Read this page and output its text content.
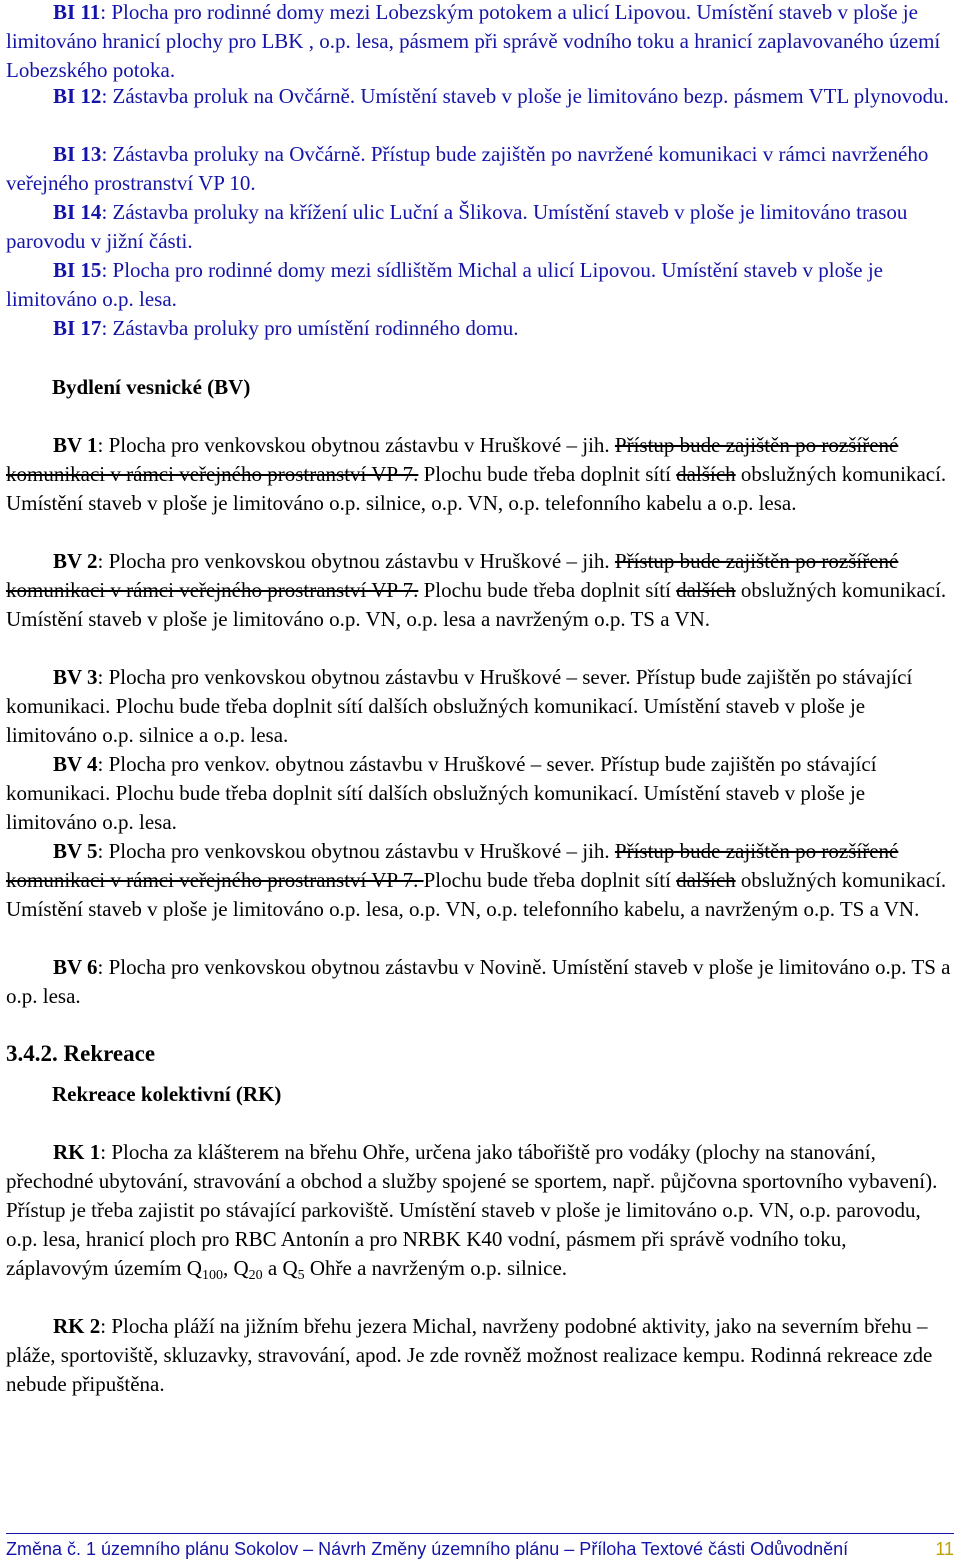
BI 11: Plocha pro rodinné domy mezi Lobezským potokem a ulicí Lipovou. Umístění staveb v ploše je limitováno hranicí plochy pro LBK , o.p. lesa, pásmem při správě vodního toku a hranicí zaplavovaného území Lobezského potoka.

BI 12: Zástavba proluk na Ovčárně. Umístění staveb v ploše je limitováno bezp. pásmem VTL plynovodu.

BI 13: Zástavba proluky na Ovčárně. Přístup bude zajištěn po navržené komunikaci v rámci navrženého veřejného prostranství VP 10.

BI 14: Zástavba proluky na křížení ulic Luční a Šlikova. Umístění staveb v ploše je limitováno trasou parovodu v jižní části.

BI 15: Plocha pro rodinné domy mezi sídlištěm Michal a ulicí Lipovou. Umístění staveb v ploše je limitováno o.p. lesa.

BI 17: Zástavba proluky pro umístění rodinného domu.

Bydlení vesnické (BV)

BV 1: Plocha pro venkovskou obytnou zástavbu v Hruškové – jih. Přístup bude zajištěn po rozšířené komunikaci v rámci veřejného prostranství VP 7. Plochu bude třeba doplnit sítí dalších obslužných komunikací. Umístění staveb v ploše je limitováno o.p. silnice, o.p. VN, o.p. telefonního kabelu a o.p. lesa.

BV 2: Plocha pro venkovskou obytnou zástavbu v Hruškové – jih. Přístup bude zajištěn po rozšířené komunikaci v rámci veřejného prostranství VP 7. Plochu bude třeba doplnit sítí dalších obslužných komunikací. Umístění staveb v ploše je limitováno o.p. VN, o.p. lesa a navrženým o.p. TS a VN.

BV 3: Plocha pro venkovskou obytnou zástavbu v Hruškové – sever. Přístup bude zajištěn po stávající komunikaci. Plochu bude třeba doplnit sítí dalších obslužných komunikací. Umístění staveb v ploše je limitováno o.p. silnice a o.p. lesa.

BV 4: Plocha pro venkov. obytnou zástavbu v Hruškové – sever. Přístup bude zajištěn po stávající komunikaci. Plochu bude třeba doplnit sítí dalších obslužných komunikací. Umístění staveb v ploše je limitováno o.p. lesa.

BV 5: Plocha pro venkovskou obytnou zástavbu v Hruškové – jih. Přístup bude zajištěn po rozšířené komunikaci v rámci veřejného prostranství VP 7. Plochu bude třeba doplnit sítí dalších obslužných komunikací. Umístění staveb v ploše je limitováno o.p. lesa, o.p. VN, o.p. telefonního kabelu, a navrženým o.p. TS a VN.

BV 6: Plocha pro venkovskou obytnou zástavbu v Novině. Umístění staveb v ploše je limitováno o.p. TS a o.p. lesa.

3.4.2. Rekreace

Rekreace kolektivní (RK)

RK 1: Plocha za klášterem na břehu Ohře, určena jako tábořiště pro vodáky (plochy na stanování, přechodné ubytování, stravování a obchod a služby spojené se sportem, např. půjčovna sportovního vybavení). Přístup je třeba zajistit po stávající parkoviště. Umístění staveb v ploše je limitováno o.p. VN, o.p. parovodu, o.p. lesa, hranicí ploch pro RBC Antonín a pro NRBK K40 vodní, pásmem při správě vodního toku, záplavovým územím $Q_{100}$, $Q_{20}$ a $Q_5$ Ohře a navrženým o.p. silnice.

RK 2: Plocha pláží na jižním břehu jezera Michal, navrženy podobné aktivity, jako na severním břehu – pláže, sportoviště, skluzavky, stravování, apod. Je zde rovněž možnost realizace kempu. Rodinná rekreace zde nebude připuštěna.

Změna č. 1 územního plánu Sokolov – Návrh Změny územního plánu – Příloha Textové části Odůvodnění	11
